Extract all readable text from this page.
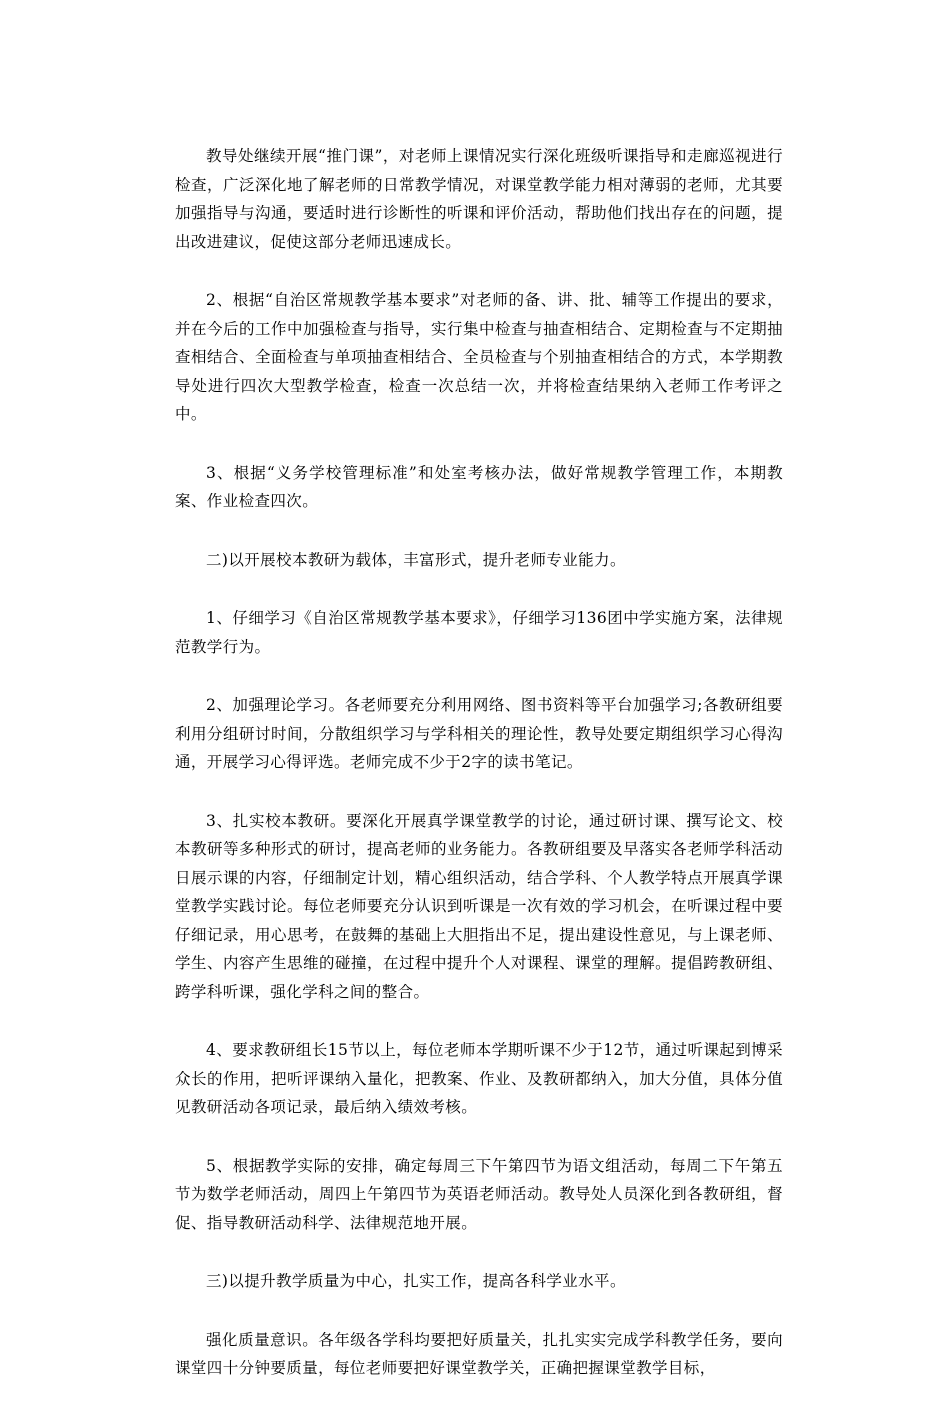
教导处继续开展“推门课”，对老师上课情况实行深化班级听课指导和走廊巡视进行检查，广泛深化地了解老师的日常教学情况，对课堂教学能力相对薄弱的老师，尤其要加强指导与沟通，要适时进行诊断性的听课和评价活动，帮助他们找出存在的问题，提出改进建议，促使这部分老师迅速成长。

2、根据“自治区常规教学基本要求”对老师的备、讲、批、辅等工作提出的要求，并在今后的工作中加强检查与指导，实行集中检查与抽查相结合、定期检查与不定期抽查相结合、全面检查与单项抽查相结合、全员检查与个别抽查相结合的方式，本学期教导处进行四次大型教学检查，检查一次总结一次，并将检查结果纳入老师工作考评之中。

3、根据“义务学校管理标准”和处室考核办法，做好常规教学管理工作，本期教案、作业检查四次。

二)以开展校本教研为载体，丰富形式，提升老师专业能力。

1、仔细学习《自治区常规教学基本要求》，仔细学习136团中学实施方案，法律规范教学行为。

2、加强理论学习。各老师要充分利用网络、图书资料等平台加强学习;各教研组要利用分组研讨时间，分散组织学习与学科相关的理论性，教导处要定期组织学习心得沟通，开展学习心得评选。老师完成不少于2字的读书笔记。

3、扎实校本教研。要深化开展真学课堂教学的讨论，通过研讨课、撰写论文、校本教研等多种形式的研讨，提高老师的业务能力。各教研组要及早落实各老师学科活动日展示课的内容，仔细制定计划，精心组织活动，结合学科、个人教学特点开展真学课堂教学实践讨论。每位老师要充分认识到听课是一次有效的学习机会，在听课过程中要仔细记录，用心思考，在鼓舞的基础上大胆指出不足，提出建设性意见，与上课老师、学生、内容产生思维的碰撞，在过程中提升个人对课程、课堂的理解。提倡跨教研组、跨学科听课，强化学科之间的整合。

4、要求教研组长15节以上，每位老师本学期听课不少于12节，通过听课起到博采众长的作用，把听评课纳入量化，把教案、作业、及教研都纳入，加大分值，具体分值见教研活动各项记录，最后纳入绩效考核。

5、根据教学实际的安排，确定每周三下午第四节为语文组活动，每周二下午第五节为数学老师活动，周四上午第四节为英语老师活动。教导处人员深化到各教研组，督促、指导教研活动科学、法律规范地开展。

三)以提升教学质量为中心，扎实工作，提高各科学业水平。

强化质量意识。各年级各学科均要把好质量关，扎扎实实完成学科教学任务，要向课堂四十分钟要质量，每位老师要把好课堂教学关，正确把握课堂教学目标，
